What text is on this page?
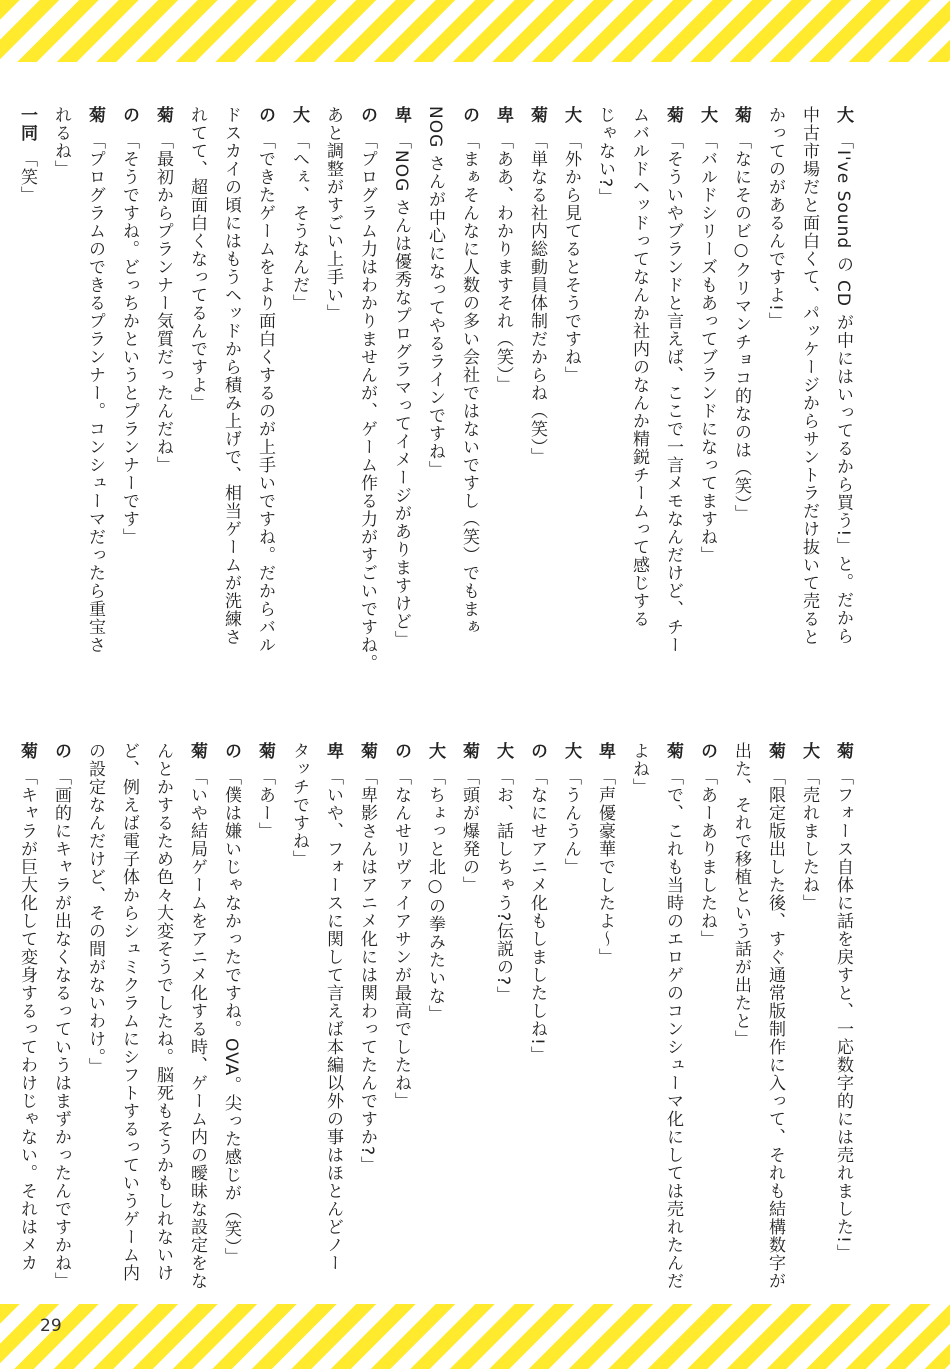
大「I've Sound の CD が中にはいってるから買う!」と。だから
中古市場だと面白くて、パッケージからサントラだけ抜いて売ると
かってのがあるんですよ!」
菊「なにそのビ○クリマンチョコ的なのは（笑）」
大「バルドシリーズもあってブランドになってますね」
菊「そういやブランドと言えば、ここで一言メモなんだけど、チー
ムバルドヘッドってなんか社内のなんか精鋭チームって感じする
じゃない?」
大「外から見てるとそうですね」
菊「単なる社内総動員体制だからね（笑）」
卑「ああ、わかりますそれ（笑）」
の「まぁそんなに人数の多い会社ではないですし（笑）でもまぁ
NOG さんが中心になってやるラインですね」
卑「NOG さんは優秀なプログラマってイメージがありますけど」
の「プログラム力はわかりませんが、ゲーム作る力がすごいですね。
あと調整がすごい上手い」
大「へぇ、そうなんだ」
の「できたゲームをより面白くするのが上手いですね。だからバル
ドスカイの頃にはもうヘッドから積み上げで、相当ゲームが洗練さ
れてて、超面白くなってるんですよ」
菊「最初からプランナー気質だったんだね」
の「そうですね。どっちかというとプランナーです」
菊「プログラムのできるプランナー。コンシューマだったら重宝さ
れるね」
一同「笑」
菊「フォース自体に話を戻すと、一応数字的には売れました!」
大「売れましたね」
菊「限定版出した後、すぐ通常版制作に入って、それも結構数字が
出た、それで移植という話が出たと」
の「あーありましたね」
菊「で、これも当時のエロゲのコンシューマ化にしては売れたんだ
よね」
卑「声優豪華でしたよ～」
大「うんうん」
の「なにせアニメ化もしましたしね!」
大「お、話しちゃう?伝説の?」
菊「頭が爆発の」
大「ちょっと北○の拳みたいな」
の「なんせリヴァイアサンが最高でしたね」
菊「卑影さんはアニメ化には関わってたんですか?」
卑「いや、フォースに関して言えば本編以外の事はほとんどノー
タッチですね」
菊「あー」
の「僕は嫌いじゃなかったですね。OVA。尖った感じが（笑）」
菊「いや結局ゲームをアニメ化する時、ゲーム内の曖昧な設定をな
んとかするため色々大変そうでしたね。脳死もそうかもしれないけ
ど、例えば電子体からシュミクラムにシフトするっていうゲーム内
の設定なんだけど、その間がないわけ。」
の「画的にキャラが出なくなるっていうはまずかったんですかね」
菊「キャラが巨大化して変身するってわけじゃない。それはメカ
29
